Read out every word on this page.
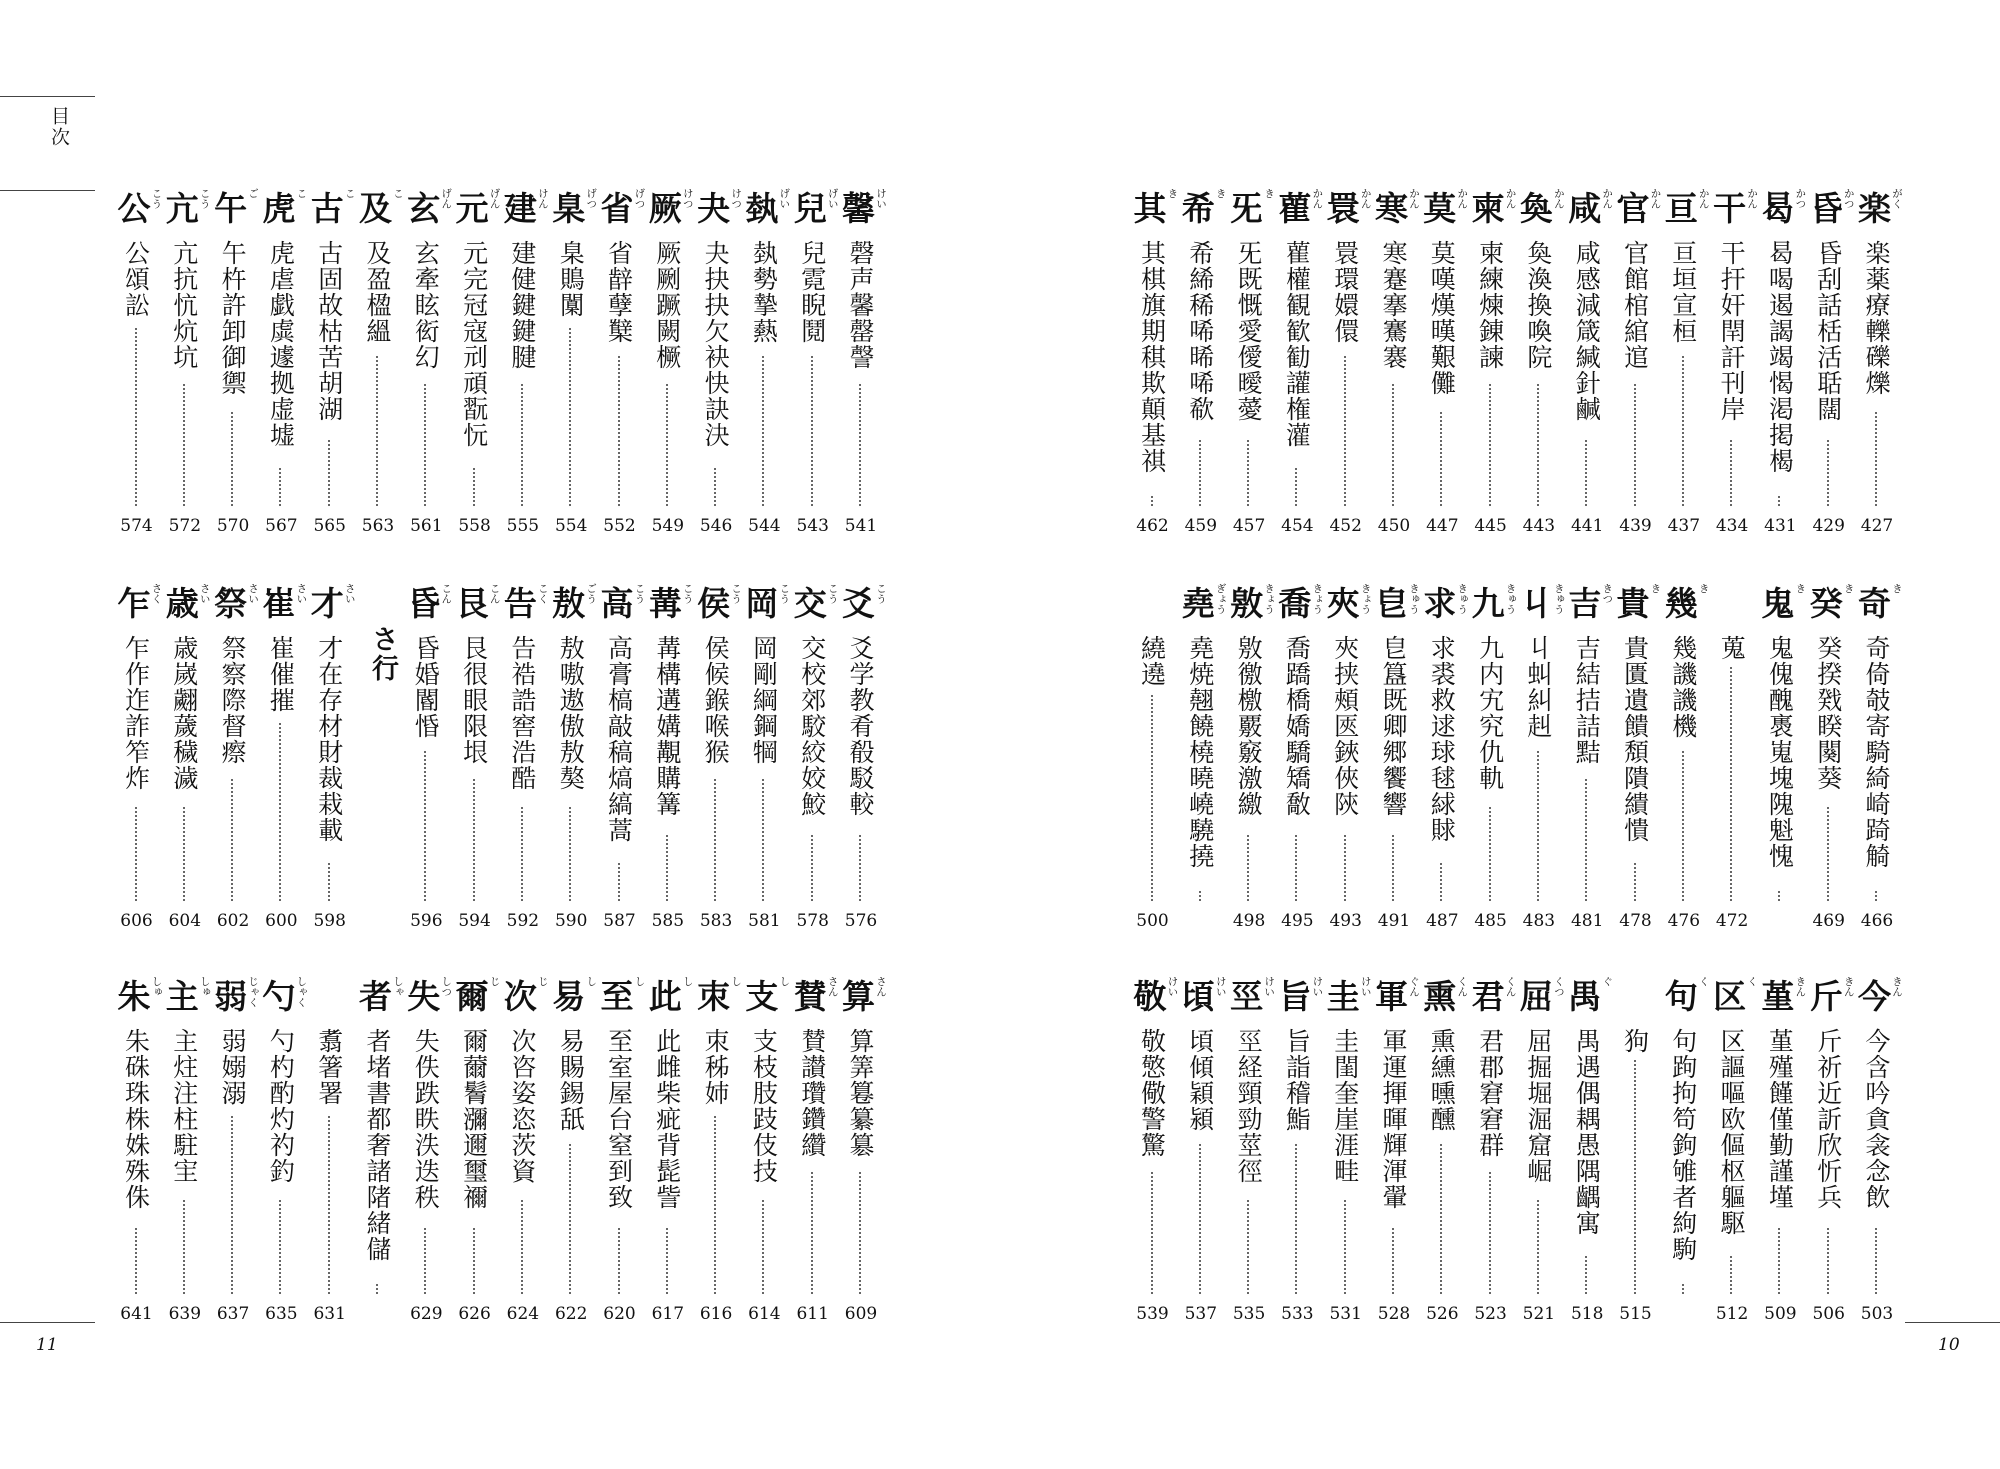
目次
11
馨 けい
磬声馨罄謦
541
兒 げい
兒霓睨鬩
543
埶 げい
埶勢摯爇
544
夬 けつ
夬抉抉欠袂快訣決
546
厥 けつ
厥劂蹶闕橛
549
省 げつ
省辪孽櫱
552
臬 げつ
臬鵙闑
554
建 けん
建健鍵鍵腱
555
元 げん
元完冠寇刓頑翫忨
558
玄 げん
玄牽眩衒幻
561
及 こ
及盈楹縕
563
古 こ
古固故枯苦胡湖
565
虎 こ
虎虐戯虡遽拠虚墟
567
午 ご
午杵許卸御禦
570
亢 こう
亢抗忼炕坑
572
公 こう
公頌訟
574
爻 こう
爻学教肴殽駁較
576
交 こう
交校郊駮絞姣鮫
578
岡 こう
岡剛綱鋼犅
581
侯 こう
侯候鍭喉猴
583
冓 こう
冓構遘媾覯購篝
585
高 こう
高膏槁敲稿熇縞蒿
587
敖 ごう
敖嗷遨傲敖獒
590
告 こく
告祰誥窖浩酷
592
艮 こん
艮很眼限垠
594
昏 こん
昏婚閽惛
596
さ行
才 さい
才在存材財裁栽載
598
崔 さい
崔催摧
600
祭 さい
祭察際督瘵
602
歳 さい
歳嵗翽薉穢濊
604
乍 さく
乍作迮詐笮炸
606
算 さん
算筭篹纂簒
609
賛 さん
賛讃瓚鑽纘
611
支 し
支枝肢跂伎技
614
朿 し
朿秭姉
616
此 し
此雌柴疵背髭訾
617
至 し
至室屋台窒到致
620
易 し
易賜錫舐
622
次 じ
次咨姿恣茨資
624
爾 じ
爾薾鬌瀰邇璽禰
626
失 しつ
失佚跌眣泆迭秩
629
者 しゃ
者堵書都奢諸陼緒儲
翥箸署
631
勺 しゃく
勺杓酌灼礿釣
635
弱 じゃく
弱嫋溺
637
主 しゅ
主炷注柱駐宔
639
朱 しゅ
朱硃珠株姝殊侏
641
10
楽 がく
楽薬療轢礫爍
427
昏 かつ
昏刮話栝活聒闊
429
曷 かつ
曷喝遏謁竭愒渇掲楬
431
干 かん
干扞奸閈訐刊岸
434
亘 かん
亘垣宣桓
437
官 かん
官館棺綰逭
439
咸 かん
咸感減箴緘針鹹
441
奐 かん
奐渙換喚院
443
柬 かん
柬練煉錬諫
445
莫 かん
莫嘆熯暵艱儺
447
寒 かん
寒蹇搴騫褰
450
睘 かん
睘環嬛儇
452
雚 かん
雚權観歓勧讙権灌
454
旡 き
旡既慨愛僾曖薆
457
希 き
希絺稀唏晞唏欷
459
其 き
其棋旗期稘欺顛基祺
462
奇 き
奇倚攲寄騎綺崎踦觭
466
癸 き
癸揆戣睽闋葵
469
鬼 き
鬼傀醜褭嵬塊隗魁愧
蒐
472
幾 き
幾譏譏機
476
貴 き
貴匱遺饋頽隤繢憒
478
吉 きつ
吉結拮詰黠
481
丩 きゅう
丩虯糾赳
483
九 きゅう
九内宄究仇軌
485
求 きゅう
求裘救逑球毬絿賕
487
皀 きゅう
皀簋既卿郷饗響
491
夾 きょう
夾挟頰匧鋏俠陝
493
喬 きょう
喬蹻橋嬌驕矯敿
495
敫 きょう
敫徼檄覈竅激繳
498
堯 ぎょう
堯焼翹饒橈曉嶢驍撓
繞遶
500
今 きん
今含吟貪衾念飲
503
斤 きん
斤祈近訢欣忻兵
506
堇 きん
堇殣饉僅勤謹墐
509
区 く
区謳嘔欧傴枢軀駆
512
句 く
句跔拘笱鉤雊者絇駒
狗
515
禺 ぐ
禺遇偶耦愚隅齵寓
518
屈 くつ
屈掘堀淈窟崛
521
君 くん
君郡窘窘群
523
熏 くん
熏纁曛醺
526
軍 ぐん
軍運揮暉輝渾翬
528
圭 けい
圭閨奎崖涯畦
531
旨 けい
旨詣稽鮨
533
巠 けい
巠経頸勁莖徑
535
頃 けい
頃傾穎潁
537
敬 けい
敬憼儆警驚
539
